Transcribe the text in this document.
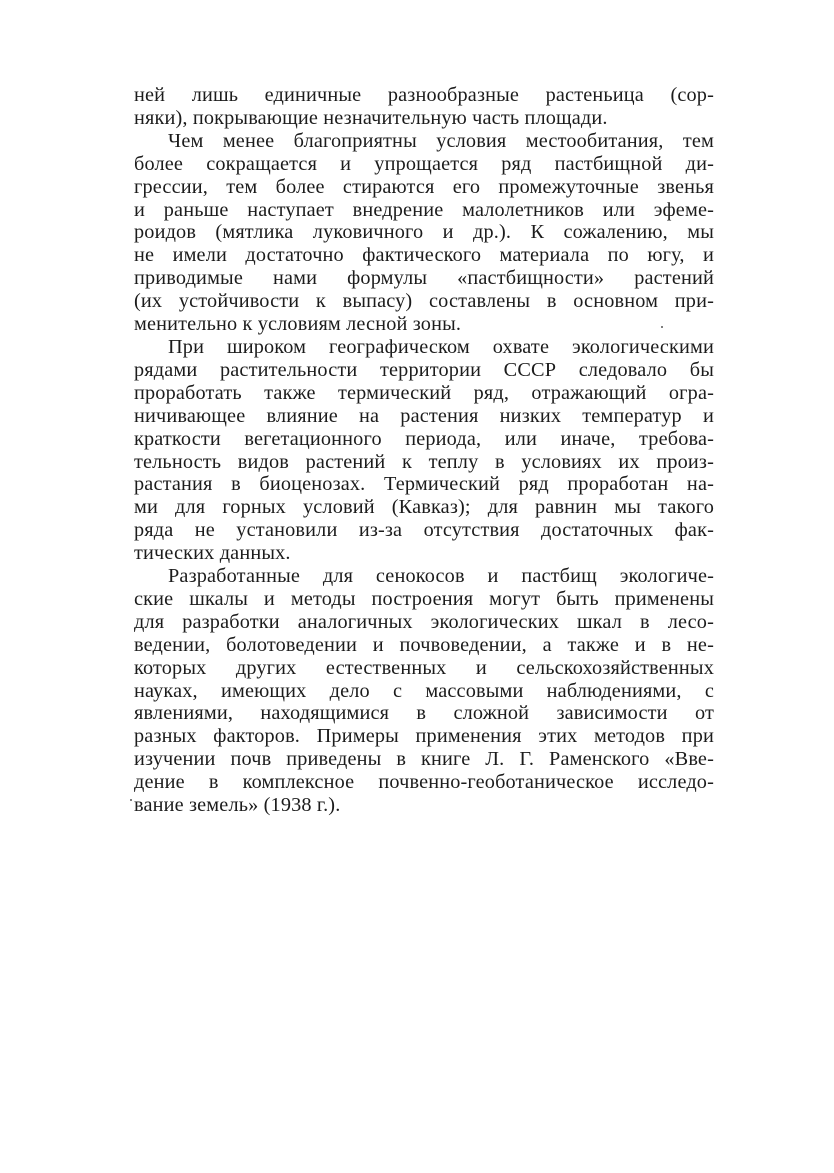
ней лишь единичные разнообразные растеньица (сор-
няки), покрывающие незначительную часть площади.

Чем менее благоприятны условия местообитания, тем
более сокращается и упрощается ряд пастбищной ди-
грессии, тем более стираются его промежуточные звенья
и раньше наступает внедрение малолетников или эфеме-
роидов (мятлика луковичного и др.). К сожалению, мы
не имели достаточно фактического материала по югу, и
приводимые нами формулы «пастбищности» растений
(их устойчивости к выпасу) составлены в основном при-
менительно к условиям лесной зоны.

При широком географическом охвате экологическими
рядами растительности территории СССР следовало бы
проработать также термический ряд, отражающий огра-
ничивающее влияние на растения низких температур и
краткости вегетационного периода, или иначе, требова-
тельность видов растений к теплу в условиях их произ-
растания в биоценозах. Термический ряд проработан на-
ми для горных условий (Кавказ); для равнин мы такого
ряда не установили из-за отсутствия достаточных фак-
тических данных.

Разработанные для сенокосов и пастбищ экологиче-
ские шкалы и методы построения могут быть применены
для разработки аналогичных экологических шкал в лесо-
ведении, болотоведении и почвоведении, а также и в не-
которых других естественных и сельскохозяйственных
науках, имеющих дело с массовыми наблюдениями, с
явлениями, находящимися в сложной зависимости от
разных факторов. Примеры применения этих методов при
изучении почв приведены в книге Л. Г. Раменского «Вве-
дение в комплексное почвенно-геоботаническое исследо-
вание земель» (1938 г.).
